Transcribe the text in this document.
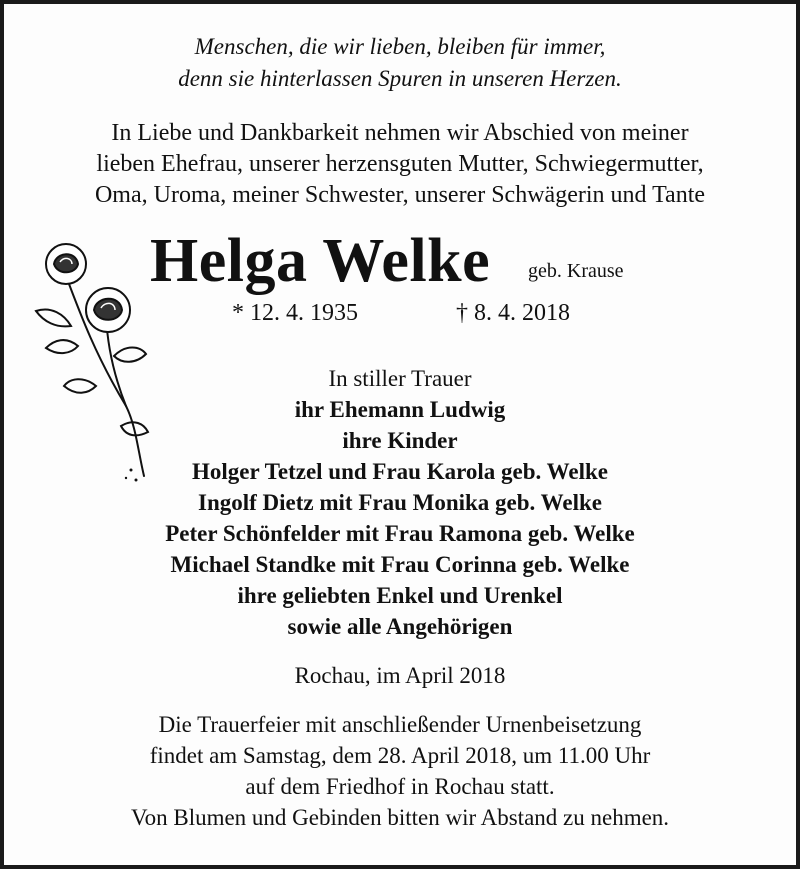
Menschen, die wir lieben, bleiben für immer,
denn sie hinterlassen Spuren in unseren Herzen.
In Liebe und Dankbarkeit nehmen wir Abschied von meiner
lieben Ehefrau, unserer herzensguten Mutter, Schwiegermutter,
Oma, Uroma, meiner Schwester, unserer Schwägerin und Tante
Helga Welke geb. Krause
* 12. 4. 1935	† 8. 4. 2018
In stiller Trauer
ihr Ehemann Ludwig
ihre Kinder
Holger Tetzel und Frau Karola geb. Welke
Ingolf Dietz mit Frau Monika geb. Welke
Peter Schönfelder mit Frau Ramona geb. Welke
Michael Standke mit Frau Corinna geb. Welke
ihre geliebten Enkel und Urenkel
sowie alle Angehörigen
Rochau, im April 2018
Die Trauerfeier mit anschließender Urnenbeisetzung
findet am Samstag, dem 28. April 2018, um 11.00 Uhr
auf dem Friedhof in Rochau statt.
Von Blumen und Gebinden bitten wir Abstand zu nehmen.
